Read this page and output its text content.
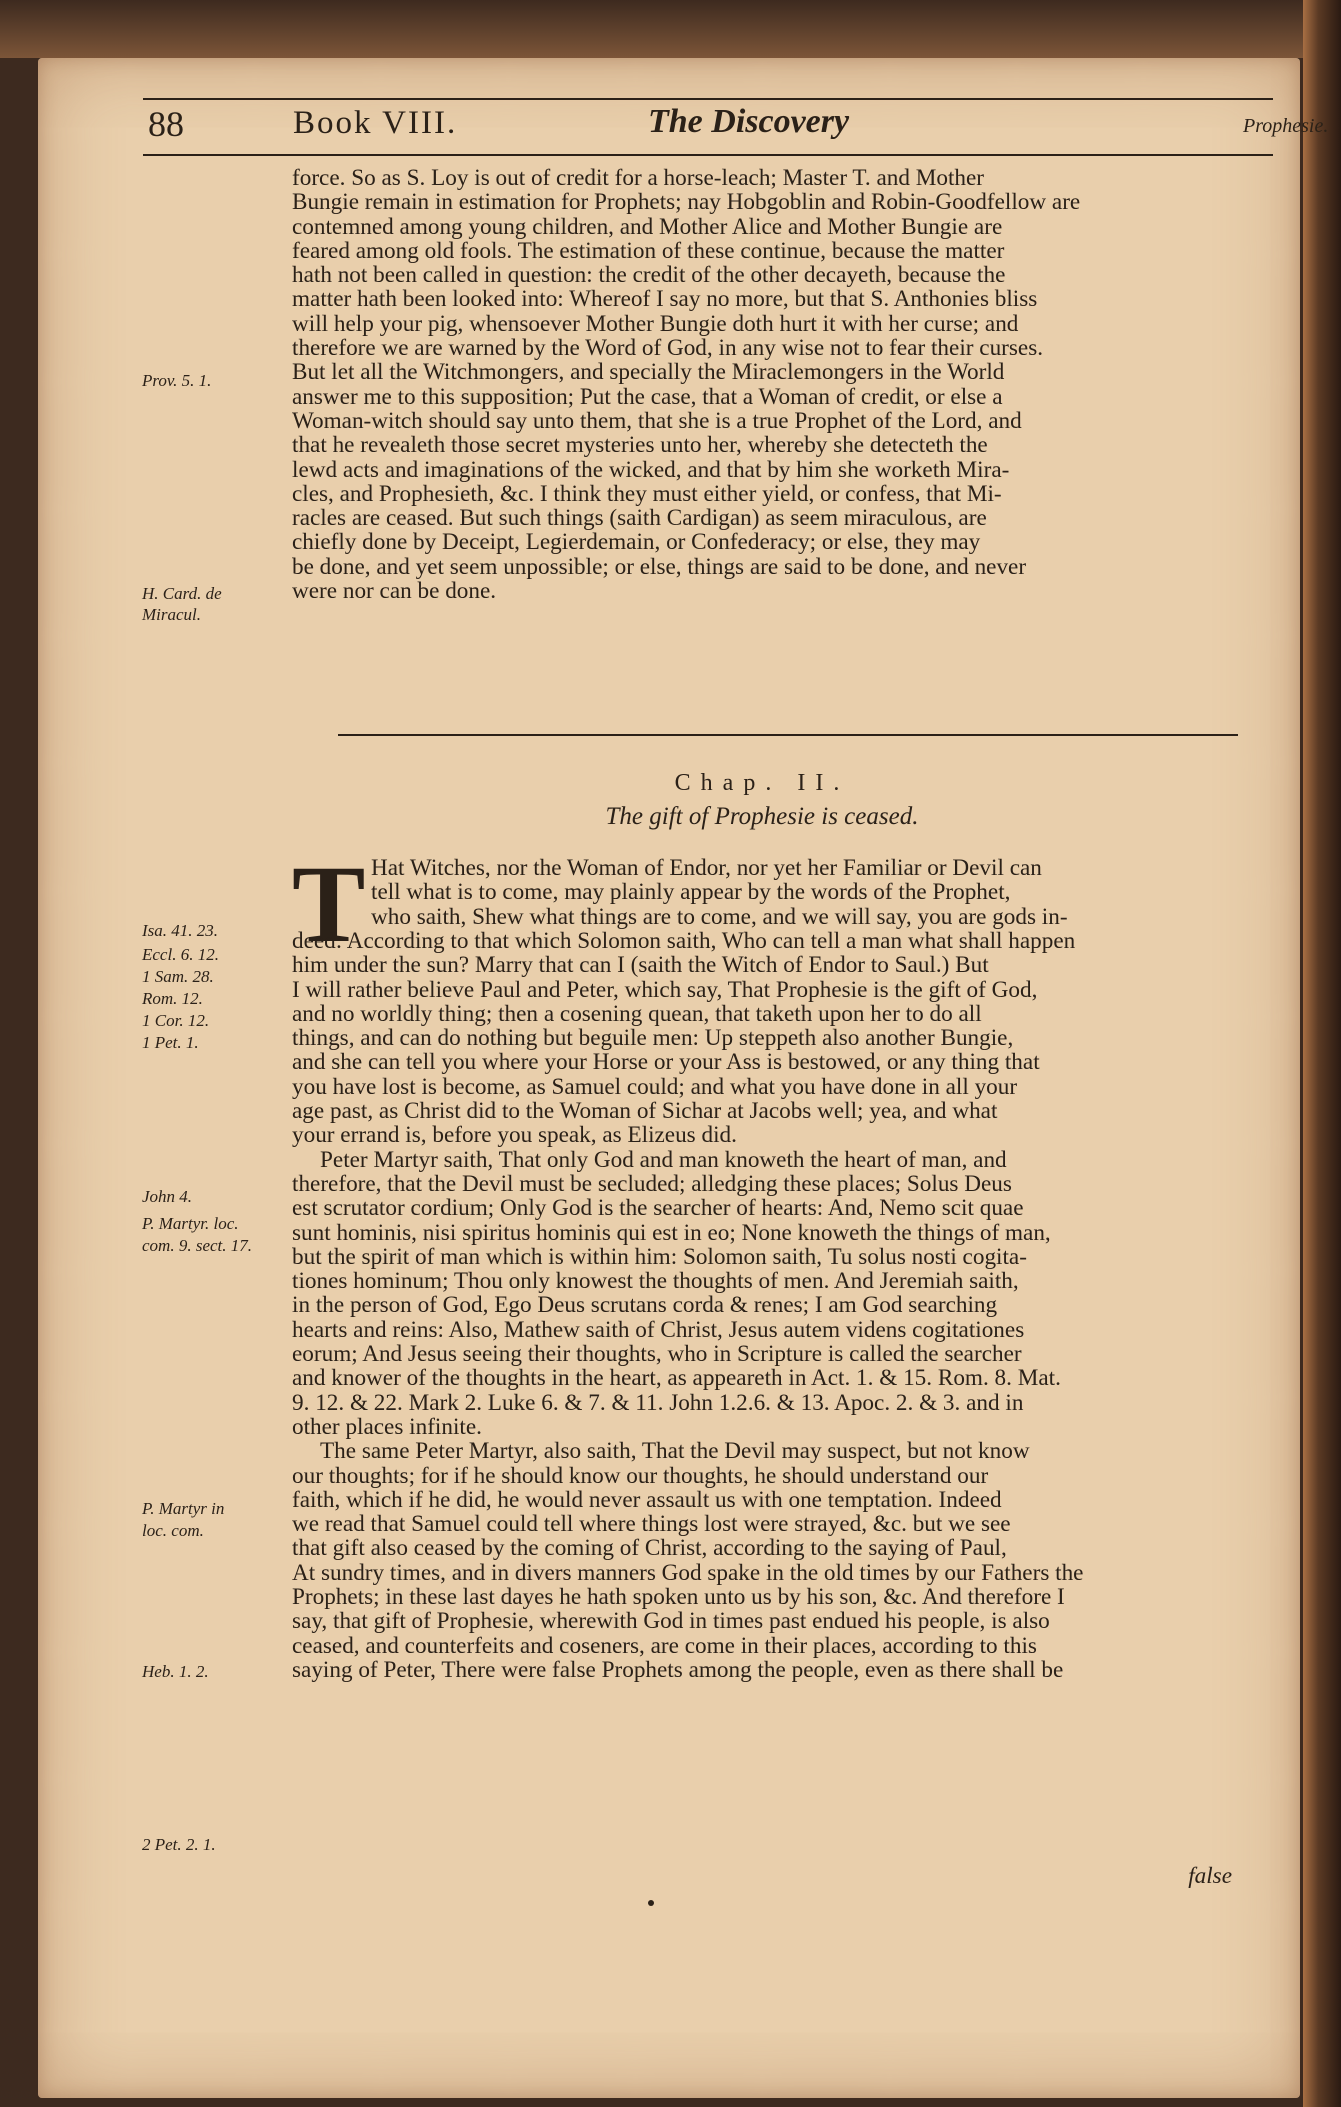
88	Book VIII.	The Discovery	Prophesie.
force. So as S. Loy is out of credit for a horse-leach; Master T. and Mother
Bungie remain in estimation for Prophets; nay Hobgoblin and Robin-Goodfellow are
contemned among young children, and Mother Alice and Mother Bungie are
feared among old fools. The estimation of these continue, because the matter
hath not been called in question: the credit of the other decayeth, because the
matter hath been looked into: Whereof I say no more, but that S. Anthonies bliss
will help your pig, whensoever Mother Bungie doth hurt it with her curse; and
therefore we are warned by the Word of God, in any wise not to fear their curses.
But let all the Witchmongers, and specially the Miraclemongers in the World
answer me to this supposition; Put the case, that a Woman of credit, or else a
Woman-witch should say unto them, that she is a true Prophet of the Lord, and
that he revealeth those secret mysteries unto her, whereby she detecteth the
lewd acts and imaginations of the wicked, and that by him she worketh Mira-
cles, and Prophesieth, &c. I think they must either yield, or confess, that Mi-
racles are ceased. But such things (saith Cardigan) as seem miraculous, are
chiefly done by Deceipt, Legierdemain, or Confederacy; or else, they may
be done, and yet seem unpossible; or else, things are said to be done, and never
were nor can be done.
Prov. 5. 1.
H. Card. de
Miracul.
Chap. II.
The gift of Prophesie is ceased.
T Hat Witches, nor the Woman of Endor, nor yet her Familiar or Devil can
tell what is to come, may plainly appear by the words of the Prophet,
who saith, Shew what things are to come, and we will say, you are gods in-
deed: According to that which Solomon saith, Who can tell a man what shall happen
him under the sun? Marry that can I (saith the Witch of Endor to Saul.) But
I will rather believe Paul and Peter, which say, That Prophesie is the gift of God,
and no worldly thing; then a cosening quean, that taketh upon her to do all
things, and can do nothing but beguile men: Up steppeth also another Bungie,
and she can tell you where your Horse or your Ass is bestowed, or any thing that
you have lost is become, as Samuel could; and what you have done in all your
age past, as Christ did to the Woman of Sichar at Jacobs well; yea, and what
your errand is, before you speak, as Elizeus did.
Peter Martyr saith, That only God and man knoweth the heart of man, and
therefore, that the Devil must be secluded; alledging these places; Solus Deus
est scrutator cordium; Only God is the searcher of hearts: And, Nemo scit quae
sunt hominis, nisi spiritus hominis qui est in eo; None knoweth the things of man,
but the spirit of man which is within him: Solomon saith, Tu solus nosti cogita-
tiones hominum; Thou only knowest the thoughts of men. And Jeremiah saith,
in the person of God, Ego Deus scrutans corda & renes; I am God searching
hearts and reins: Also, Mathew saith of Christ, Jesus autem videns cogitationes
eorum; And Jesus seeing their thoughts, who in Scripture is called the searcher
and knower of the thoughts in the heart, as appeareth in Act. 1. & 15. Rom. 8. Mat.
9. 12. & 22. Mark 2. Luke 6. & 7. & 11. John 1.2.6. & 13. Apoc. 2. & 3. and in
other places infinite.
The same Peter Martyr, also saith, That the Devil may suspect, but not know
our thoughts; for if he should know our thoughts, he should understand our
faith, which if he did, he would never assault us with one temptation. Indeed
we read that Samuel could tell where things lost were strayed, &c. but we see
that gift also ceased by the coming of Christ, according to the saying of Paul,
At sundry times, and in divers manners God spake in the old times by our Fathers the
Prophets; in these last dayes he hath spoken unto us by his son, &c. And therefore I
say, that gift of Prophesie, wherewith God in times past endued his people, is also
ceased, and counterfeits and coseners, are come in their places, according to this
saying of Peter, There were false Prophets among the people, even as there shall be
false
Isa. 41. 23.
Eccl. 6. 12.
1 Sam. 28.
Rom. 12.
1 Cor. 12.
1 Pet. 1.
John 4.
P. Martyr. loc.
com. 9. sect. 17.
P. Martyr in
loc. com.
Heb. 1. 2.
2 Pet. 2. 1.
